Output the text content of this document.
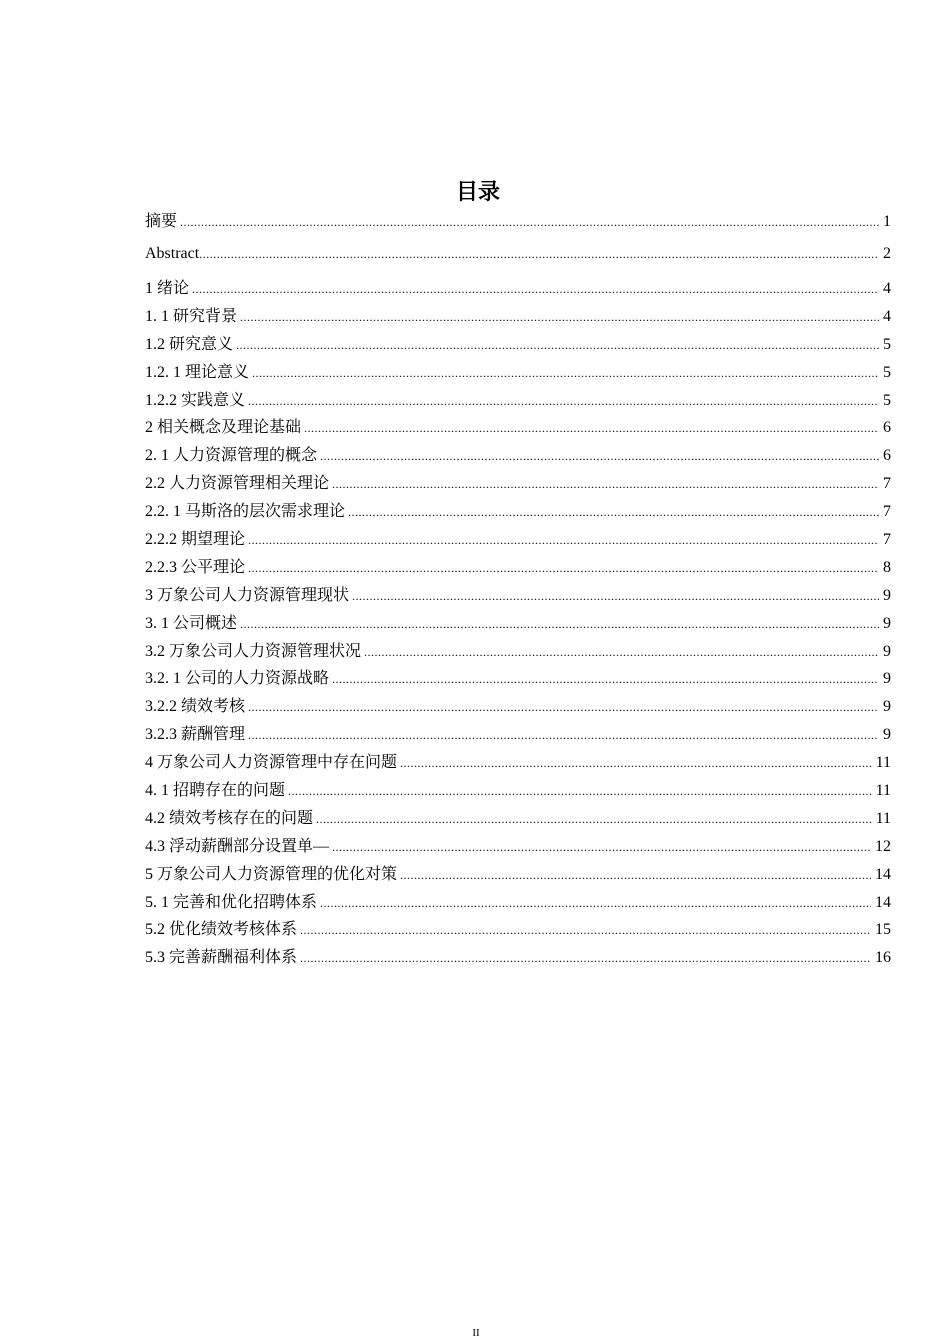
目录
摘要 .....	1
Abstract .....	2
1 绪论 .....	4
1. 1 研究背景 .....	4
1.2 研究意义 .....	5
1.2. 1 理论意义 .....	5
1.2.2 实践意义 .....	5
2 相关概念及理论基础 .....	6
2. 1 人力资源管理的概念 .....	6
2.2 人力资源管理相关理论 .....	7
2.2. 1 马斯洛的层次需求理论 .....	7
2.2.2 期望理论 .....	7
2.2.3 公平理论 .....	8
3 万象公司人力资源管理现状 .....	9
3. 1 公司概述 .....	9
3.2 万象公司人力资源管理状况 .....	9
3.2. 1 公司的人力资源战略 .....	9
3.2.2 绩效考核 .....	9
3.2.3 薪酬管理 .....	9
4 万象公司人力资源管理中存在问题 .....	11
4. 1 招聘存在的问题 .....	11
4.2 绩效考核存在的问题 .....	11
4.3 浮动薪酬部分设置单— .....	12
5 万象公司人力资源管理的优化对策 .....	14
5. 1 完善和优化招聘体系 .....	14
5.2 优化绩效考核体系 .....	15
5.3 完善薪酬福利体系 .....	16
II
